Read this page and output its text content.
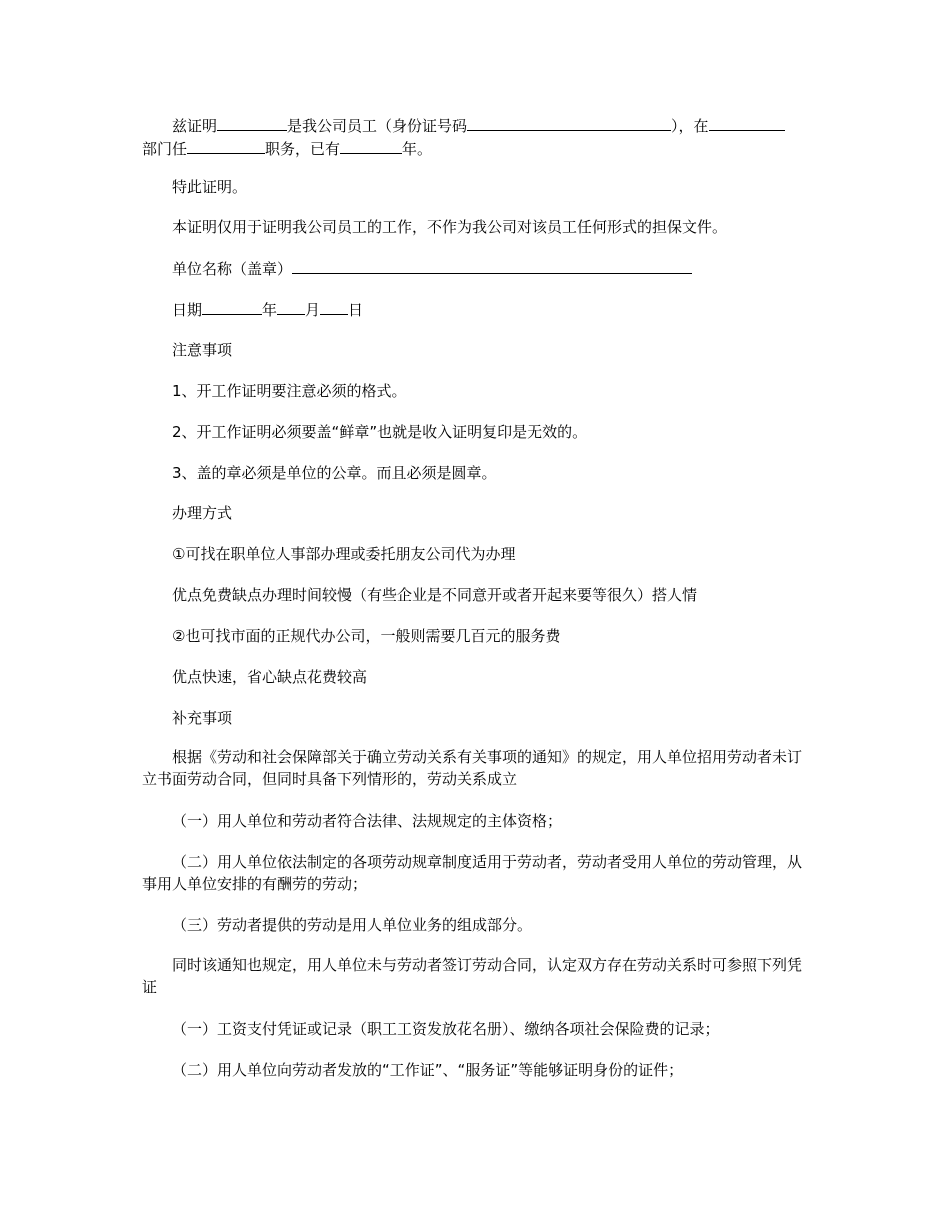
兹证明	是我公司员工（身份证号码	），在
部门任	职务，已有	年。

特此证明。

本证明仅用于证明我公司员工的工作，不作为我公司对该员工任何形式的担保文件。

单位名称（盖章）

日期	年 月 日

注意事项

1、开工作证明要注意必须的格式。

2、开工作证明必须要盖“鲜章”也就是收入证明复印是无效的。

3、盖的章必须是单位的公章。而且必须是圆章。

办理方式

①可找在职单位人事部办理或委托朋友公司代为办理

优点免费缺点办理时间较慢（有些企业是不同意开或者开起来要等很久）搭人情

②也可找市面的正规代办公司，一般则需要几百元的服务费

优点快速，省心缺点花费较高

补充事项

根据《劳动和社会保障部关于确立劳动关系有关事项的通知》的规定，用人单位招用劳动者未订立书面劳动合同，但同时具备下列情形的，劳动关系成立

（一）用人单位和劳动者符合法律、法规规定的主体资格；

（二）用人单位依法制定的各项劳动规章制度适用于劳动者，劳动者受用人单位的劳动管理，从事用人单位安排的有酬劳的劳动；

（三）劳动者提供的劳动是用人单位业务的组成部分。

同时该通知也规定，用人单位未与劳动者签订劳动合同，认定双方存在劳动关系时可参照下列凭证

（一）工资支付凭证或记录（职工工资发放花名册）、缴纳各项社会保险费的记录；

（二）用人单位向劳动者发放的“工作证”、“服务证”等能够证明身份的证件；
